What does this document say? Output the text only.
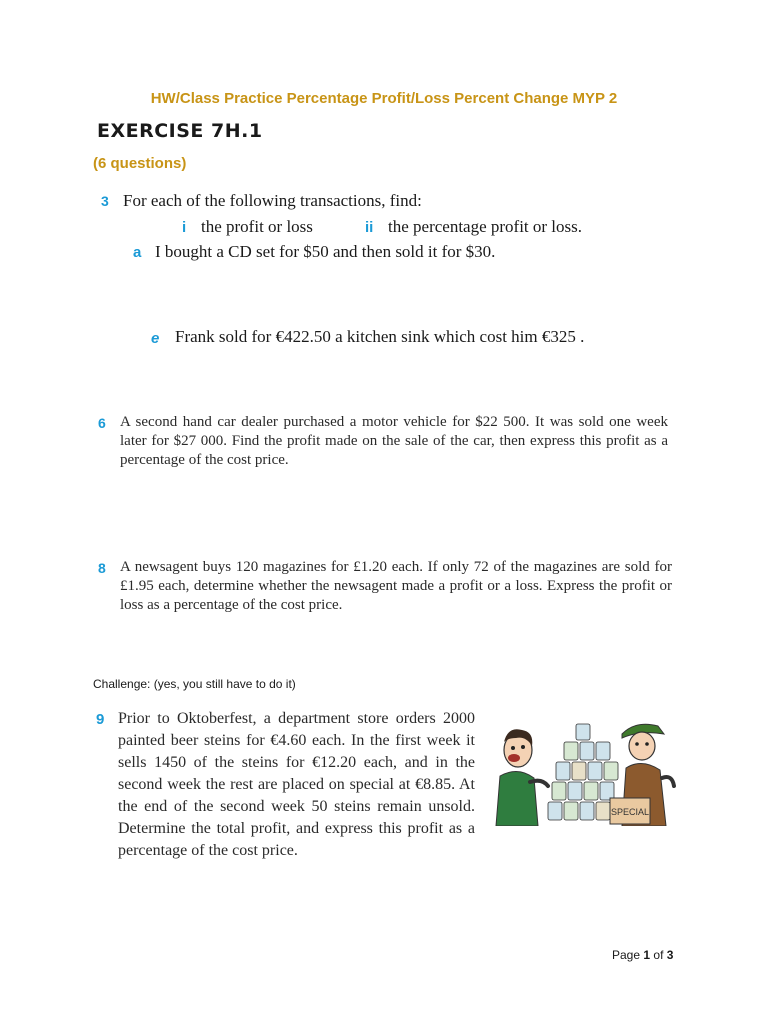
HW/Class Practice Percentage Profit/Loss Percent Change MYP 2
EXERCISE 7H.1
(6 questions)
3 For each of the following transactions, find:
i the profit or loss	ii the percentage profit or loss.
a I bought a CD set for $50 and then sold it for $30.
e Frank sold for €422.50 a kitchen sink which cost him €325 .
6 A second hand car dealer purchased a motor vehicle for $22 500. It was sold one week later for $27 000. Find the profit made on the sale of the car, then express this profit as a percentage of the cost price.
8 A newsagent buys 120 magazines for £1.20 each. If only 72 of the magazines are sold for £1.95 each, determine whether the newsagent made a profit or a loss. Express the profit or loss as a percentage of the cost price.
Challenge: (yes, you still have to do it)
9 Prior to Oktoberfest, a department store orders 2000 painted beer steins for €4.60 each. In the first week it sells 1450 of the steins for €12.20 each, and in the second week the rest are placed on special at €8.85. At the end of the second week 50 steins remain unsold. Determine the total profit, and express this profit as a percentage of the cost price.
SPECIAL
Page 1 of 3
